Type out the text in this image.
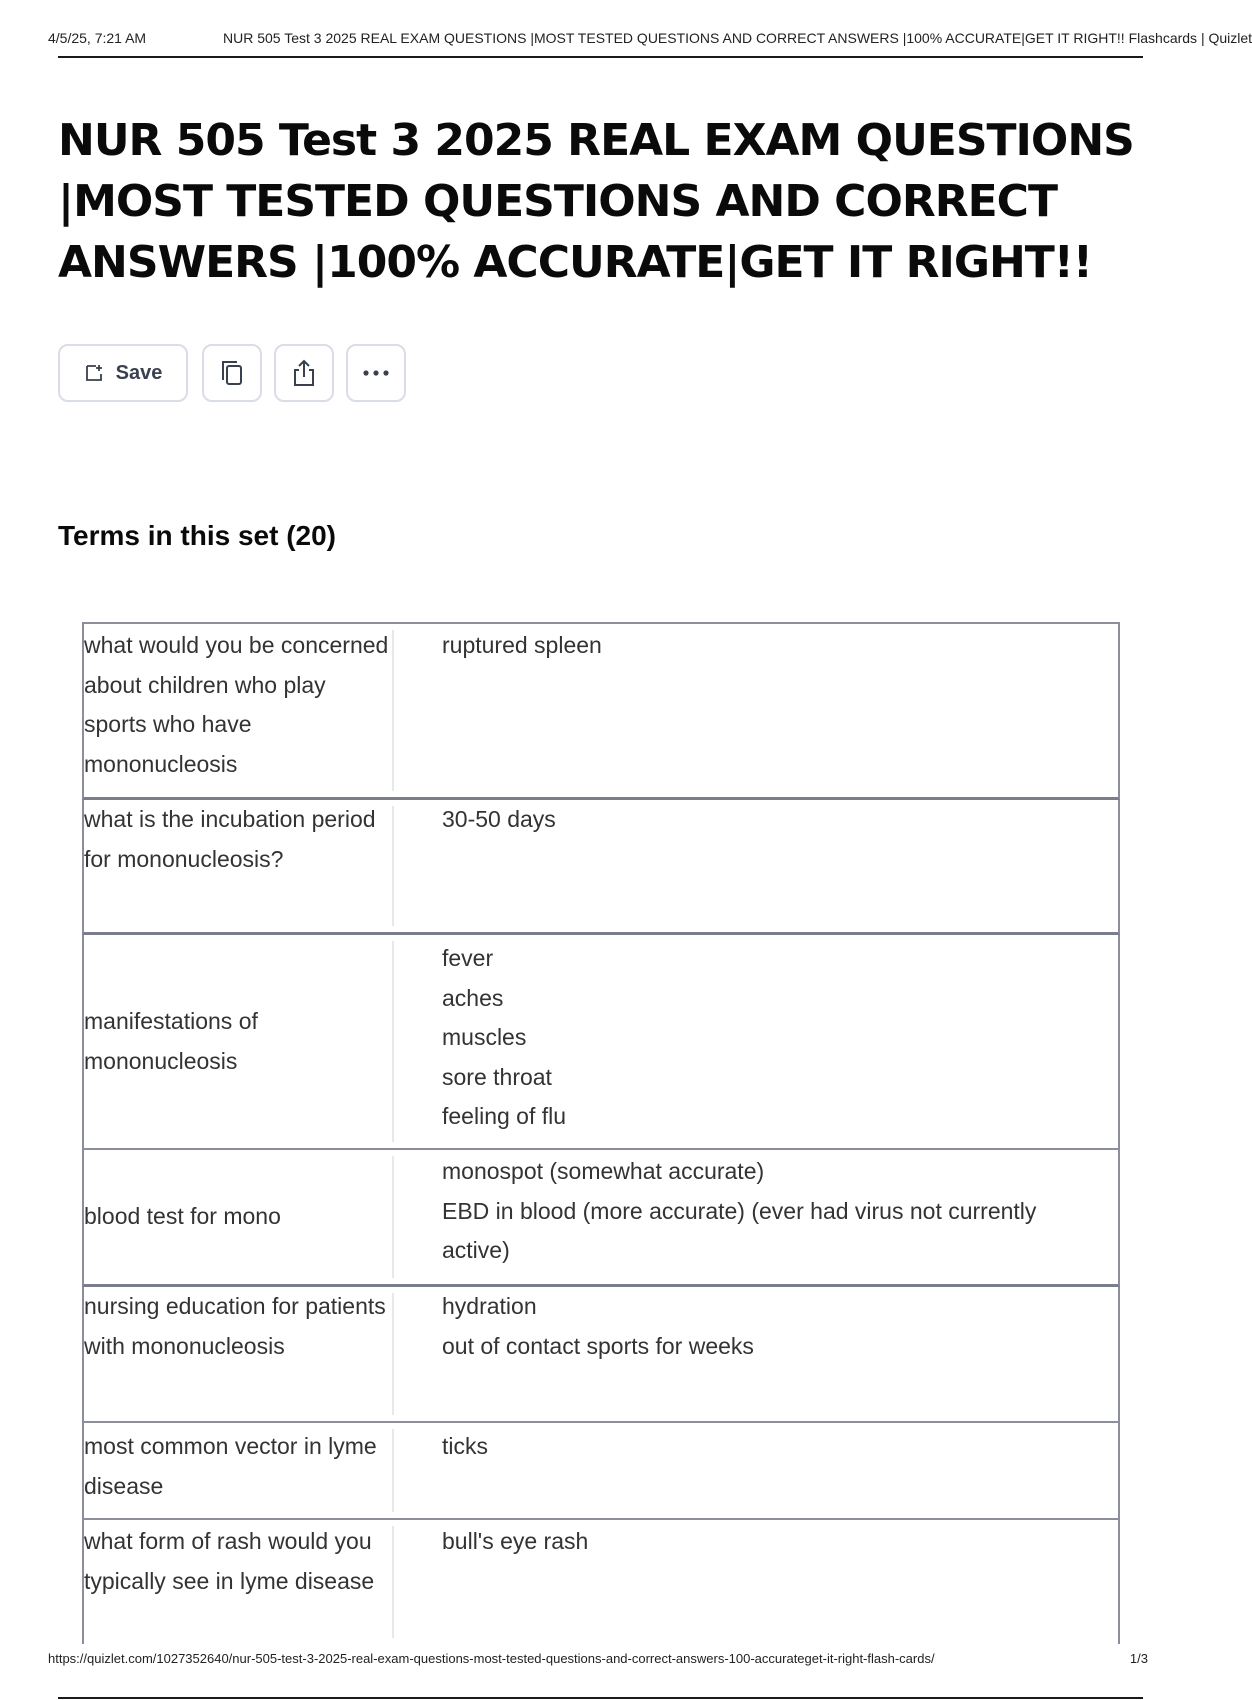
4/5/25, 7:21 AM	NUR 505 Test 3 2025 REAL EXAM QUESTIONS |MOST TESTED QUESTIONS AND CORRECT ANSWERS |100% ACCURATE|GET IT RIGHT!! Flashcards | Quizlet
NUR 505 Test 3 2025 REAL EXAM QUESTIONS |MOST TESTED QUESTIONS AND CORRECT ANSWERS |100% ACCURATE|GET IT RIGHT!!
Save
Terms in this set (20)
what would you be concerned about children who play sports who have mononucleosis
ruptured spleen
what is the incubation period for mononucleosis?
30-50 days
manifestations of mononucleosis
fever
aches
muscles
sore throat
feeling of flu
blood test for mono
monospot (somewhat accurate)
EBD in blood (more accurate) (ever had virus not currently active)
nursing education for patients with mononucleosis
hydration
out of contact sports for weeks
most common vector in lyme disease
ticks
what form of rash would you typically see in lyme disease
bull's eye rash
https://quizlet.com/1027352640/nur-505-test-3-2025-real-exam-questions-most-tested-questions-and-correct-answers-100-accurateget-it-right-flash-cards/	1/3
